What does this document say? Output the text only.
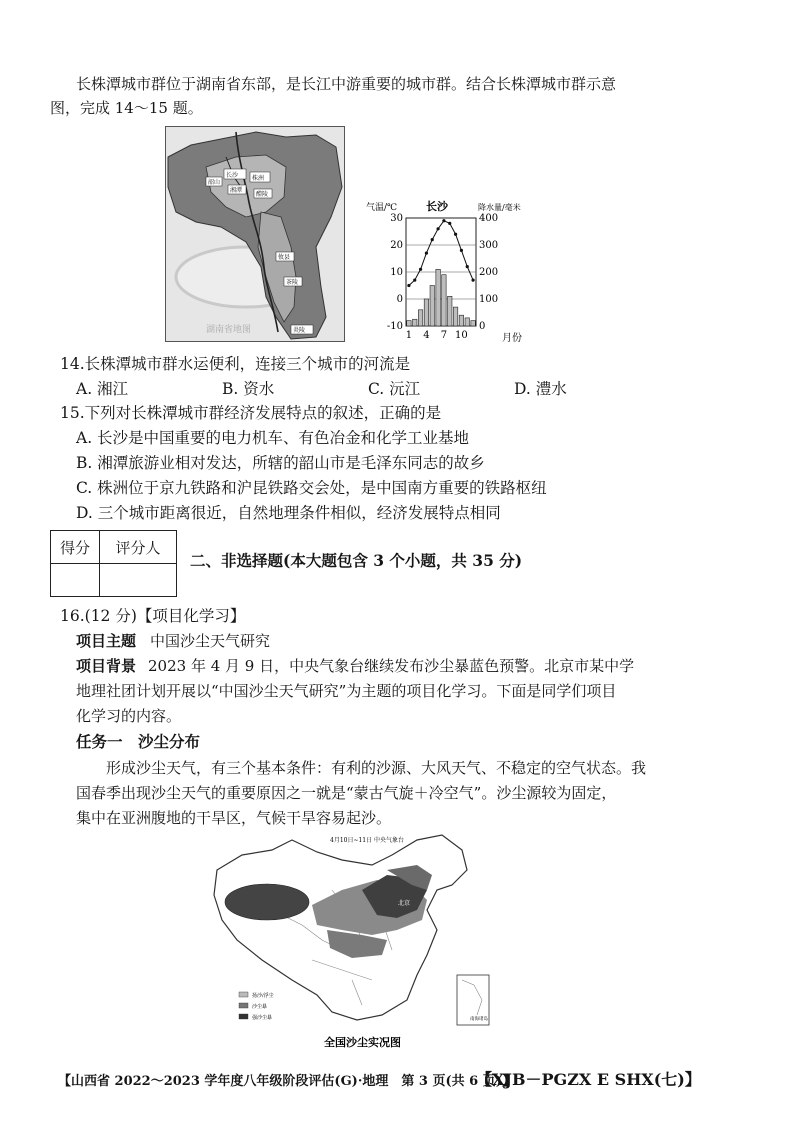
长株潭城市群位于湖南省东部，是长江中游重要的城市群。结合长株潭城市群示意
图，完成 14～15 题。
长沙 株洲
湘潭
醴陵
韶山
攸县
茶陵
炎陵
湖南省地图
气温/℃	长沙	降水量/毫米
30
20
10
0
-10
400
300
200
100
0
1 4 7 10	月份
14.长株潭城市群水运便利，连接三个城市的河流是
A. 湘江	B. 资水	C. 沅江	D. 澧水
15.下列对长株潭城市群经济发展特点的叙述，正确的是
A. 长沙是中国重要的电力机车、有色冶金和化学工业基地
B. 湘潭旅游业相对发达，所辖的韶山市是毛泽东同志的故乡
C. 株洲位于京九铁路和沪昆铁路交会处，是中国南方重要的铁路枢纽
D. 三个城市距离很近，自然地理条件相似，经济发展特点相同
得分	评分人

二、非选择题(本大题包含 3 个小题，共 35 分)
16.(12 分)【项目化学习】
项目主题 中国沙尘天气研究
项目背景 2023 年 4 月 9 日，中央气象台继续发布沙尘暴蓝色预警。北京市某中学
地理社团计划开展以“中国沙尘天气研究”为主题的项目化学习。下面是同学们项目
化学习的内容。
任务一　沙尘分布
形成沙尘天气，有三个基本条件：有利的沙源、大风天气、不稳定的空气状态。我
国春季出现沙尘天气的重要原因之一就是“蒙古气旋＋冷空气”。沙尘源较为固定，
集中在亚洲腹地的干旱区，气候干旱容易起沙。
4月10日~11日 中央气象台
北京
南海诸岛
扬沙/浮尘
沙尘暴
强沙尘暴
全国沙尘实况图
【山西省 2022～2023 学年度八年级阶段评估(G)·地理　第 3 页(共 6 页)】
【XJB－PGZX E SHX(七)】
